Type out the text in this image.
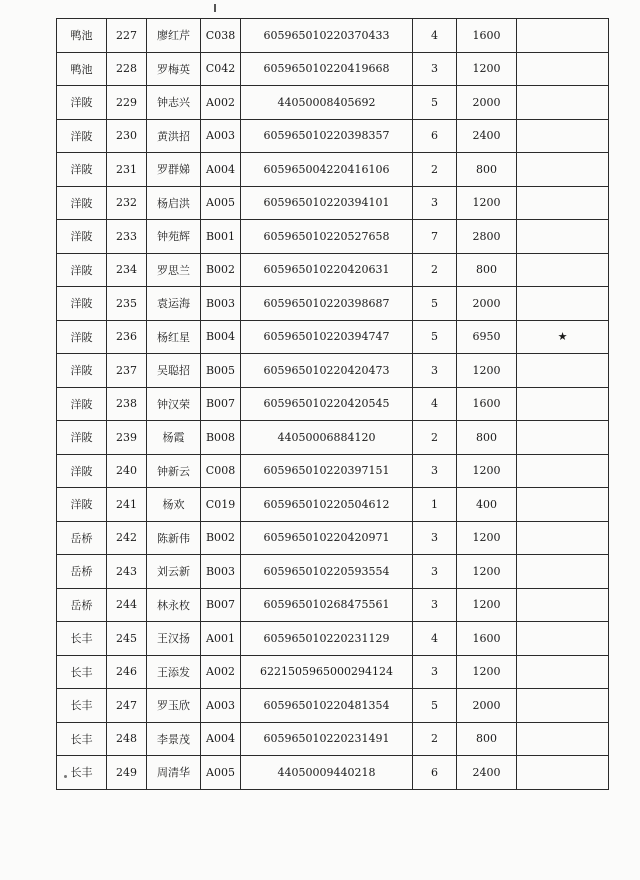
鸭池	227	廖红芹	C038	605965010220370433	4	1600	
鸭池	228	罗梅英	C042	605965010220419668	3	1200	
洋陂	229	钟志兴	A002	44050008405692	5	2000	
洋陂	230	黄洪招	A003	605965010220398357	6	2400	
洋陂	231	罗群娣	A004	605965004220416106	2	800	
洋陂	232	杨启洪	A005	605965010220394101	3	1200	
洋陂	233	钟苑辉	B001	605965010220527658	7	2800	
洋陂	234	罗思兰	B002	605965010220420631	2	800	
洋陂	235	袁运海	B003	605965010220398687	5	2000	
洋陂	236	杨红星	B004	605965010220394747	5	6950	★
洋陂	237	吴聪招	B005	605965010220420473	3	1200	
洋陂	238	钟汉荣	B007	605965010220420545	4	1600	
洋陂	239	杨霞	B008	44050006884120	2	800	
洋陂	240	钟新云	C008	605965010220397151	3	1200	
洋陂	241	杨欢	C019	605965010220504612	1	400	
岳桥	242	陈新伟	B002	605965010220420971	3	1200	
岳桥	243	刘云新	B003	605965010220593554	3	1200	
岳桥	244	林永枚	B007	605965010268475561	3	1200	
长丰	245	王汉扬	A001	605965010220231129	4	1600	
长丰	246	王添发	A002	6221505965000294124	3	1200	
长丰	247	罗玉欣	A003	605965010220481354	5	2000	
长丰	248	李景茂	A004	605965010220231491	2	800	
长丰	249	周清华	A005	44050009440218	6	2400	
